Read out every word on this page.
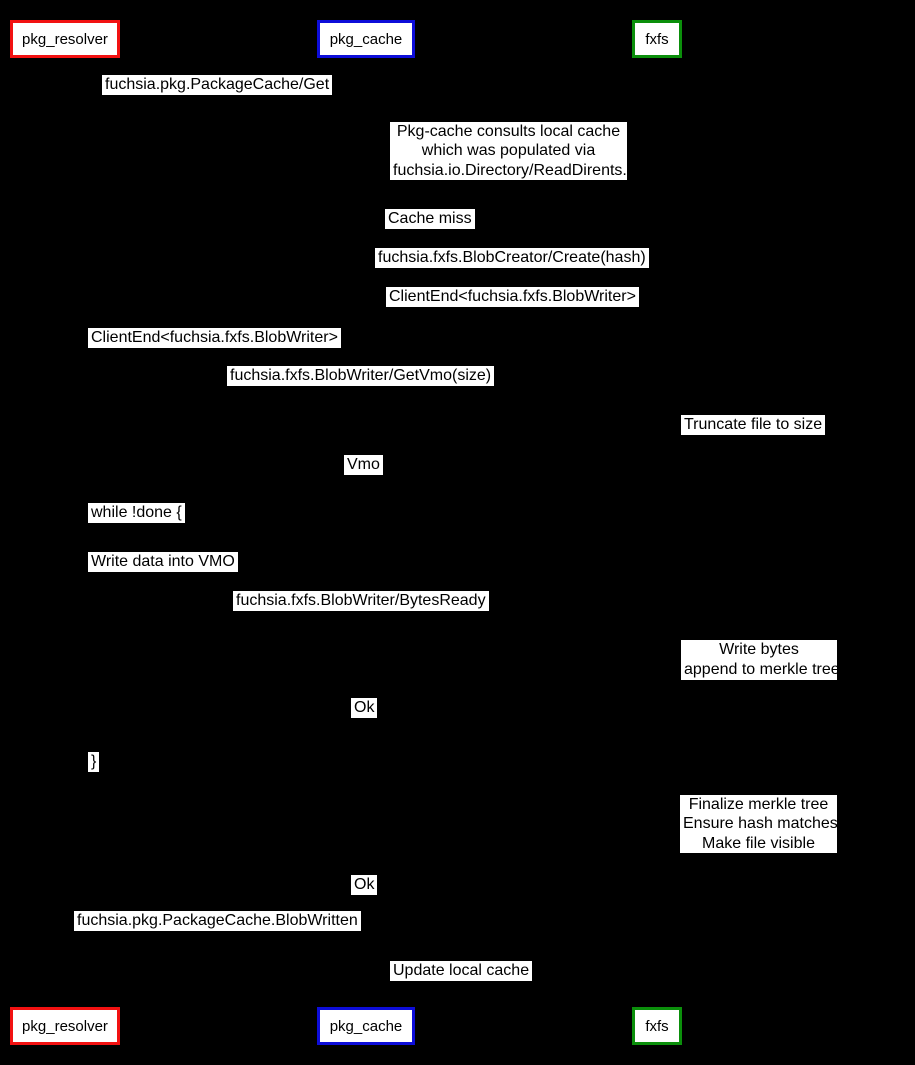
pkg_resolver	pkg_cache	fxfs
fuchsia.pkg.PackageCache/Get
Pkg-cache consults local cache
which was populated via
fuchsia.io.Directory/ReadDirents.
Cache miss
fuchsia.fxfs.BlobCreator/Create(hash)
ClientEnd<fuchsia.fxfs.BlobWriter>
ClientEnd<fuchsia.fxfs.BlobWriter>
fuchsia.fxfs.BlobWriter/GetVmo(size)
Truncate file to size
Vmo
while !done {
Write data into VMO
fuchsia.fxfs.BlobWriter/BytesReady
Write bytes
append to merkle tree
Ok
}
Finalize merkle tree
Ensure hash matches
Make file visible
Ok
fuchsia.pkg.PackageCache.BlobWritten
Update local cache
pkg_resolver	pkg_cache	fxfs
